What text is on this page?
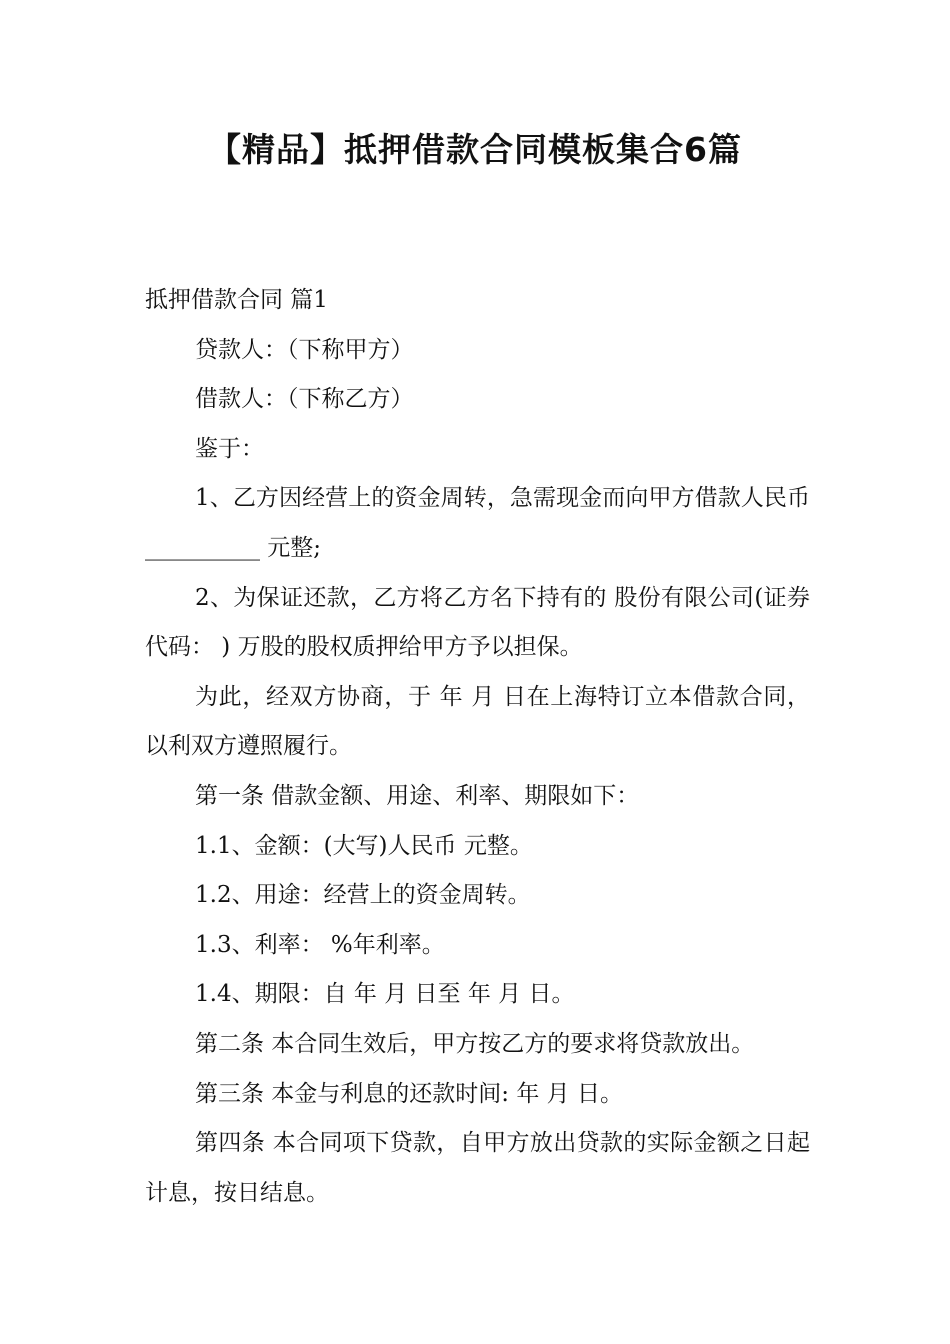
【精品】抵押借款合同模板集合6篇

抵押借款合同 篇1

贷款人：（下称甲方）

借款人：（下称乙方）

鉴于：

1、乙方因经营上的资金周转，急需现金而向甲方借款人民币__________ 元整;

2、为保证还款，乙方将乙方名下持有的 股份有限公司(证券代码： ) 万股的股权质押给甲方予以担保。

为此，经双方协商，于 年 月 日在上海特订立本借款合同，以利双方遵照履行。

第一条 借款金额、用途、利率、期限如下：

1.1、金额：(大写)人民币 元整。

1.2、用途：经营上的资金周转。

1.3、利率： %年利率。

1.4、期限：自 年 月 日至 年 月 日。

第二条 本合同生效后，甲方按乙方的要求将贷款放出。

第三条 本金与利息的还款时间: 年 月 日。

第四条 本合同项下贷款，自甲方放出贷款的实际金额之日起计息，按日结息。
